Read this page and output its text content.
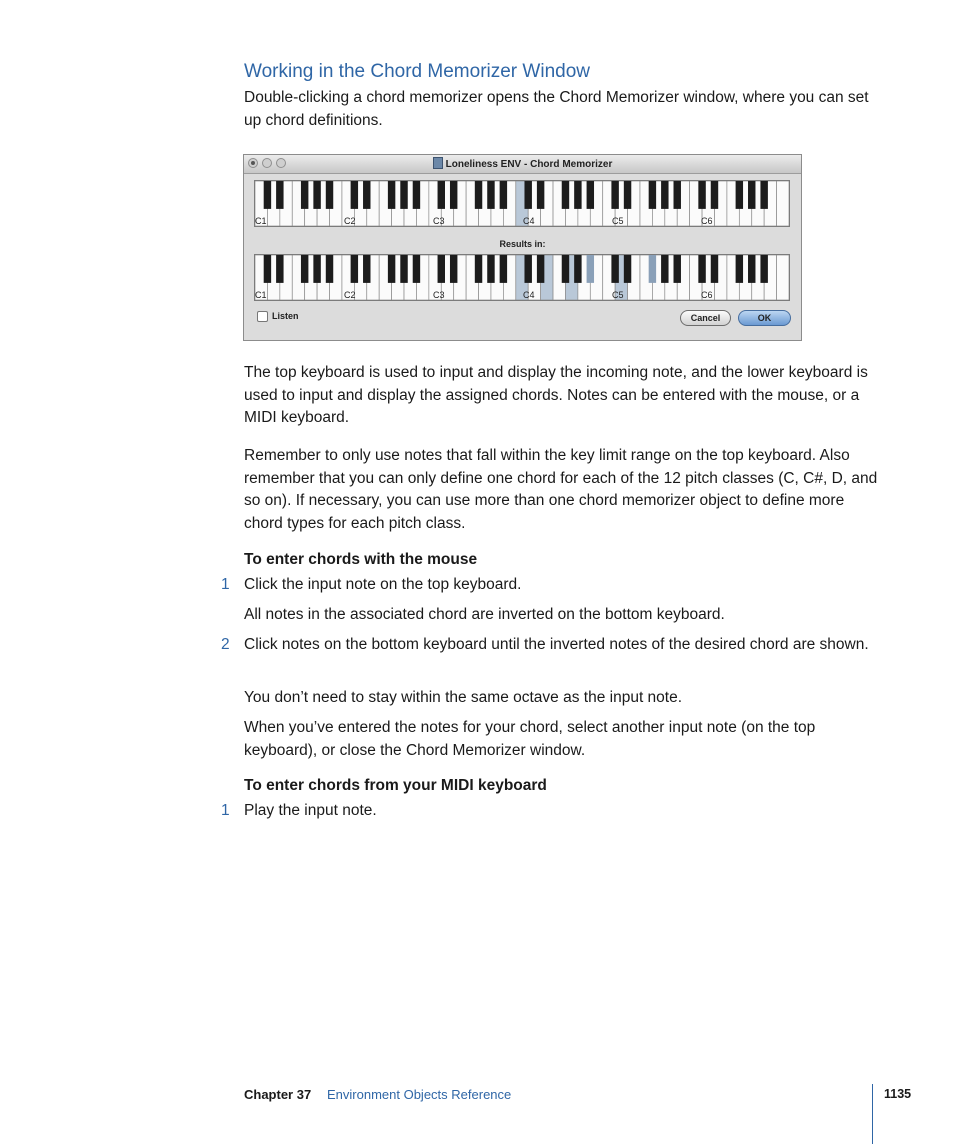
Working in the Chord Memorizer Window

Double-clicking a chord memorizer opens the Chord Memorizer window, where you can set up chord definitions.

Loneliness ENV - Chord Memorizer
C1	C2	C3	C4	C5	C6
Results in:
C1	C2	C3	C4	C5	C6
Listen	Cancel	OK

The top keyboard is used to input and display the incoming note, and the lower keyboard is used to input and display the assigned chords. Notes can be entered with the mouse, or a MIDI keyboard.

Remember to only use notes that fall within the key limit range on the top keyboard. Also remember that you can only define one chord for each of the 12 pitch classes (C, C#, D, and so on). If necessary, you can use more than one chord memorizer object to define more chord types for each pitch class.

To enter chords with the mouse
1 Click the input note on the top keyboard.

All notes in the associated chord are inverted on the bottom keyboard.

2 Click notes on the bottom keyboard until the inverted notes of the desired chord are shown.

You don’t need to stay within the same octave as the input note.

When you’ve entered the notes for your chord, select another input note (on the top keyboard), or close the Chord Memorizer window.

To enter chords from your MIDI keyboard
1 Play the input note.

Chapter 37 Environment Objects Reference	1135
